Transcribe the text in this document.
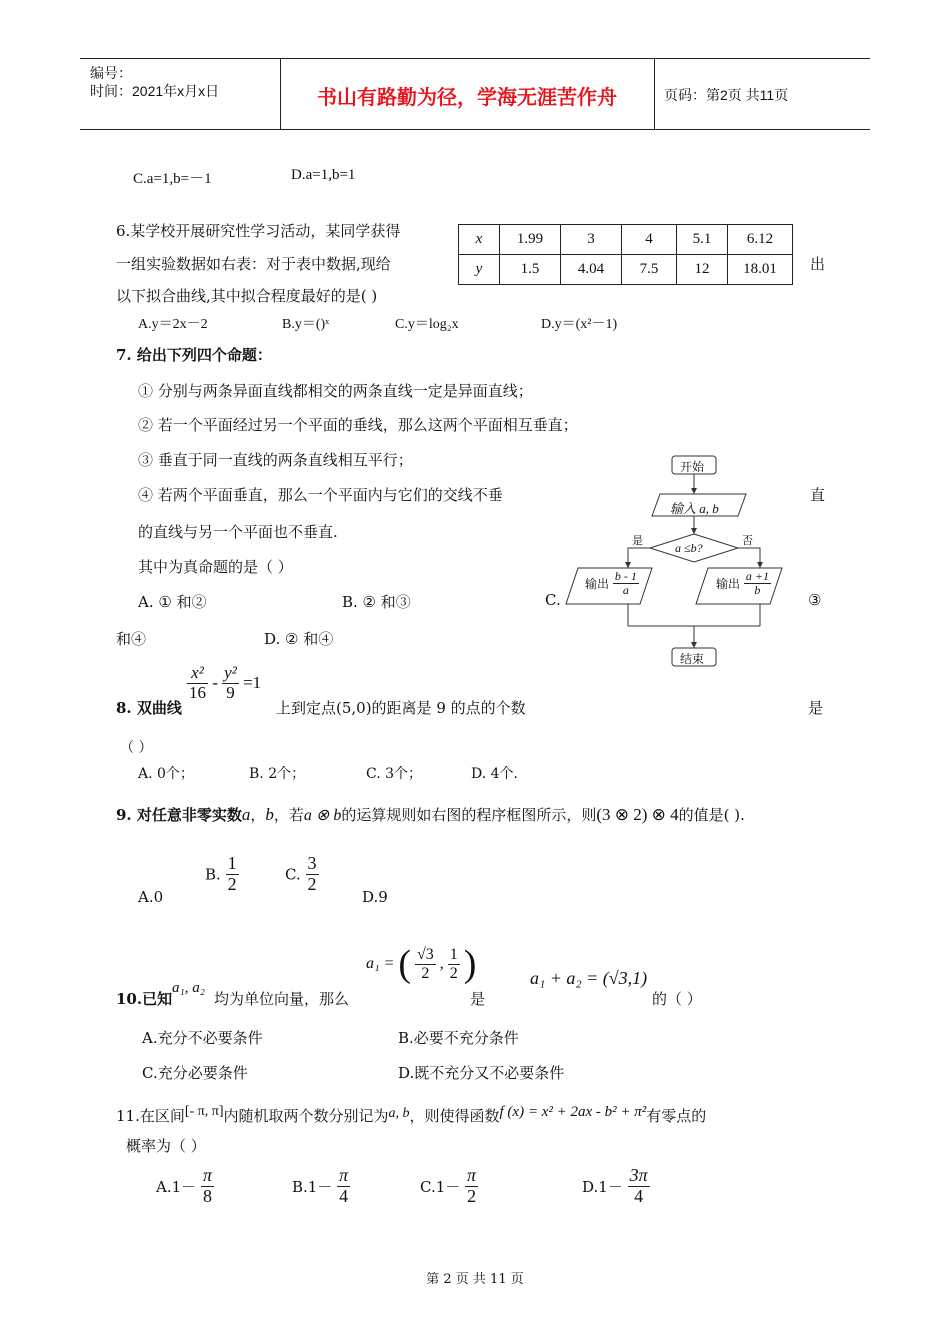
编号：
时间：2021年x月x日	书山有路勤为径，学海无涯苦作舟	页码：第2页 共11页
C.a=1,b=－1	D.a=1,b=1
6.某学校开展研究性学习活动，某同学获得
一组实验数据如右表：对于表中数据,现给	出
以下拟合曲线,其中拟合程度最好的是( )
x	1.99	3	4	5.1	6.12
y	1.5	4.04	7.5	12	18.01
A.y＝2x－2	B.y＝()ˣ	C.y＝log₂x	D.y＝(x²－1)
7. 给出下列四个命题：
① 分别与两条异面直线都相交的两条直线一定是异面直线；
② 若一个平面经过另一个平面的垂线，那么这两个平面相互垂直；
③ 垂直于同一直线的两条直线相互平行；
④ 若两个平面垂直，那么一个平面内与它们的交线不垂	直
的直线与另一个平面也不垂直.
其中为真命题的是（ ）
A. ① 和②	B. ② 和③	C.	③
和④	D. ② 和④
开始
输入 a, b
a ≤b?
是	否
输出 $\frac{b - 1}{a}$	输出 $\frac{a +1}{b}$
结束
8. 双曲线
$\frac{\text{x²}}{16} - \frac{\text{y²}}{9} =1$
上到定点(5,0)的距离是 9 的点的个数	是
（ ）
A. 0个；	B. 2个；	C. 3个；	D. 4个.
9. 对任意非零实数a，b，若a ⊗ b的运算规则如右图的程序框图所示，则(3 ⊗ 2) ⊗ 4的值是( ).
A.0
B. $\frac{1}{2}$	C. $\frac{3}{2}$
D.9
10.已知
a₁, a₂
均为单位向量，那么
a₁ = ( $\frac{√3}{2}$ , $\frac{1}{2}$ )
是
a₁ + a₂ = (√3,1)
的（ ）
A.充分不必要条件	B.必要不充分条件
C.充分必要条件	D.既不充分又不必要条件
11.在区间[- π, π]内随机取两个数分别记为a, b，则使得函数f (x) = x² + 2ax - b² + π²有零点的
概率为（ ）
$A.1- \frac{\pi}{8}$	$B.1- \frac{\pi}{4}$	$C.1- \frac{\pi}{2}$	$D.1- \frac{3\pi}{4}$
第 2 页 共 11 页
